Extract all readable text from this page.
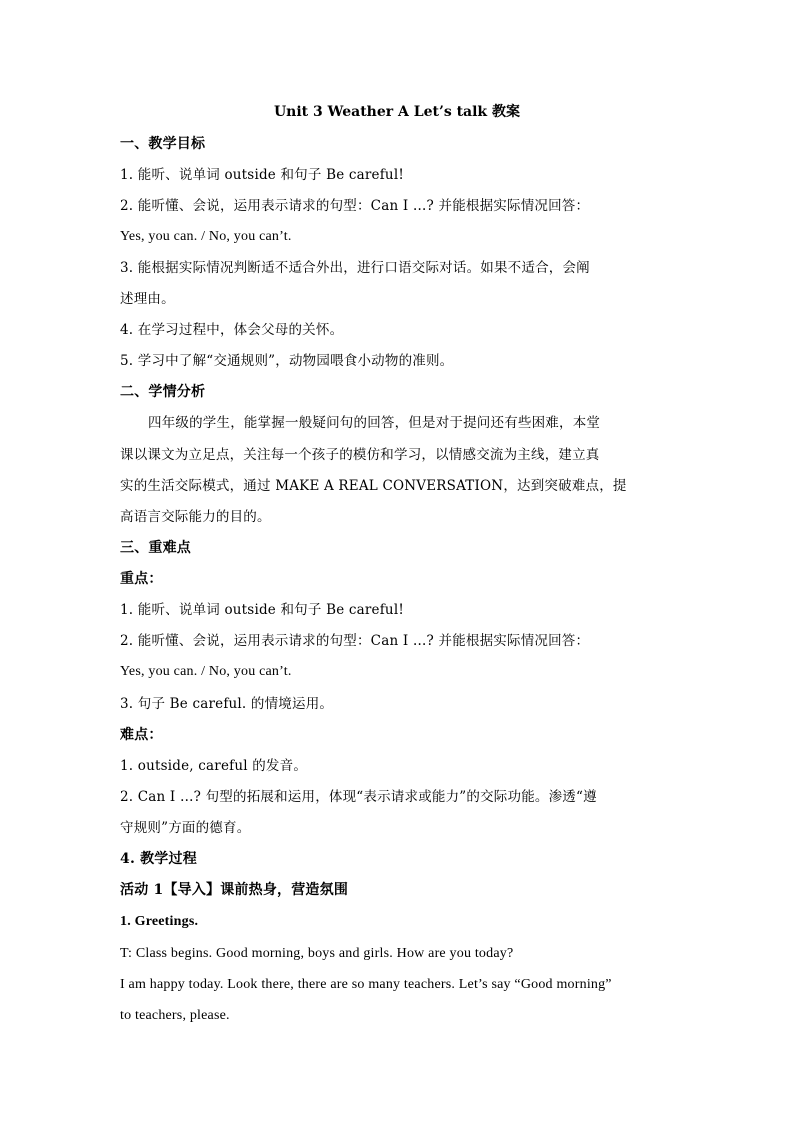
Unit 3 Weather A Let’s talk 教案
一、教学目标
1. 能听、说单词 outside 和句子 Be careful!
2. 能听懂、会说，运用表示请求的句型：Can I …? 并能根据实际情况回答：
Yes, you can. / No, you can’t.
3. 能根据实际情况判断适不适合外出，进行口语交际对话。如果不适合，会阐
述理由。
4. 在学习过程中，体会父母的关怀。
5. 学习中了解“交通规则”，动物园喂食小动物的准则。
二、学情分析
四年级的学生，能掌握一般疑问句的回答，但是对于提问还有些困难，本堂
课以课文为立足点，关注每一个孩子的模仿和学习，以情感交流为主线，建立真
实的生活交际模式，通过 MAKE A REAL CONVERSATION，达到突破难点，提
高语言交际能力的目的。
三、重难点
重点：
1. 能听、说单词 outside 和句子 Be careful!
2. 能听懂、会说，运用表示请求的句型：Can I …? 并能根据实际情况回答：
Yes, you can. / No, you can’t.
3. 句子 Be careful. 的情境运用。
难点：
1. outside, careful 的发音。
2. Can I …? 句型的拓展和运用，体现“表示请求或能力”的交际功能。渗透“遵
守规则”方面的德育。
4. 教学过程
活动 1【导入】课前热身，营造氛围
1. Greetings.
T: Class begins. Good morning, boys and girls. How are you today?
I am happy today. Look there, there are so many teachers. Let’s say “Good morning”
to teachers, please.
